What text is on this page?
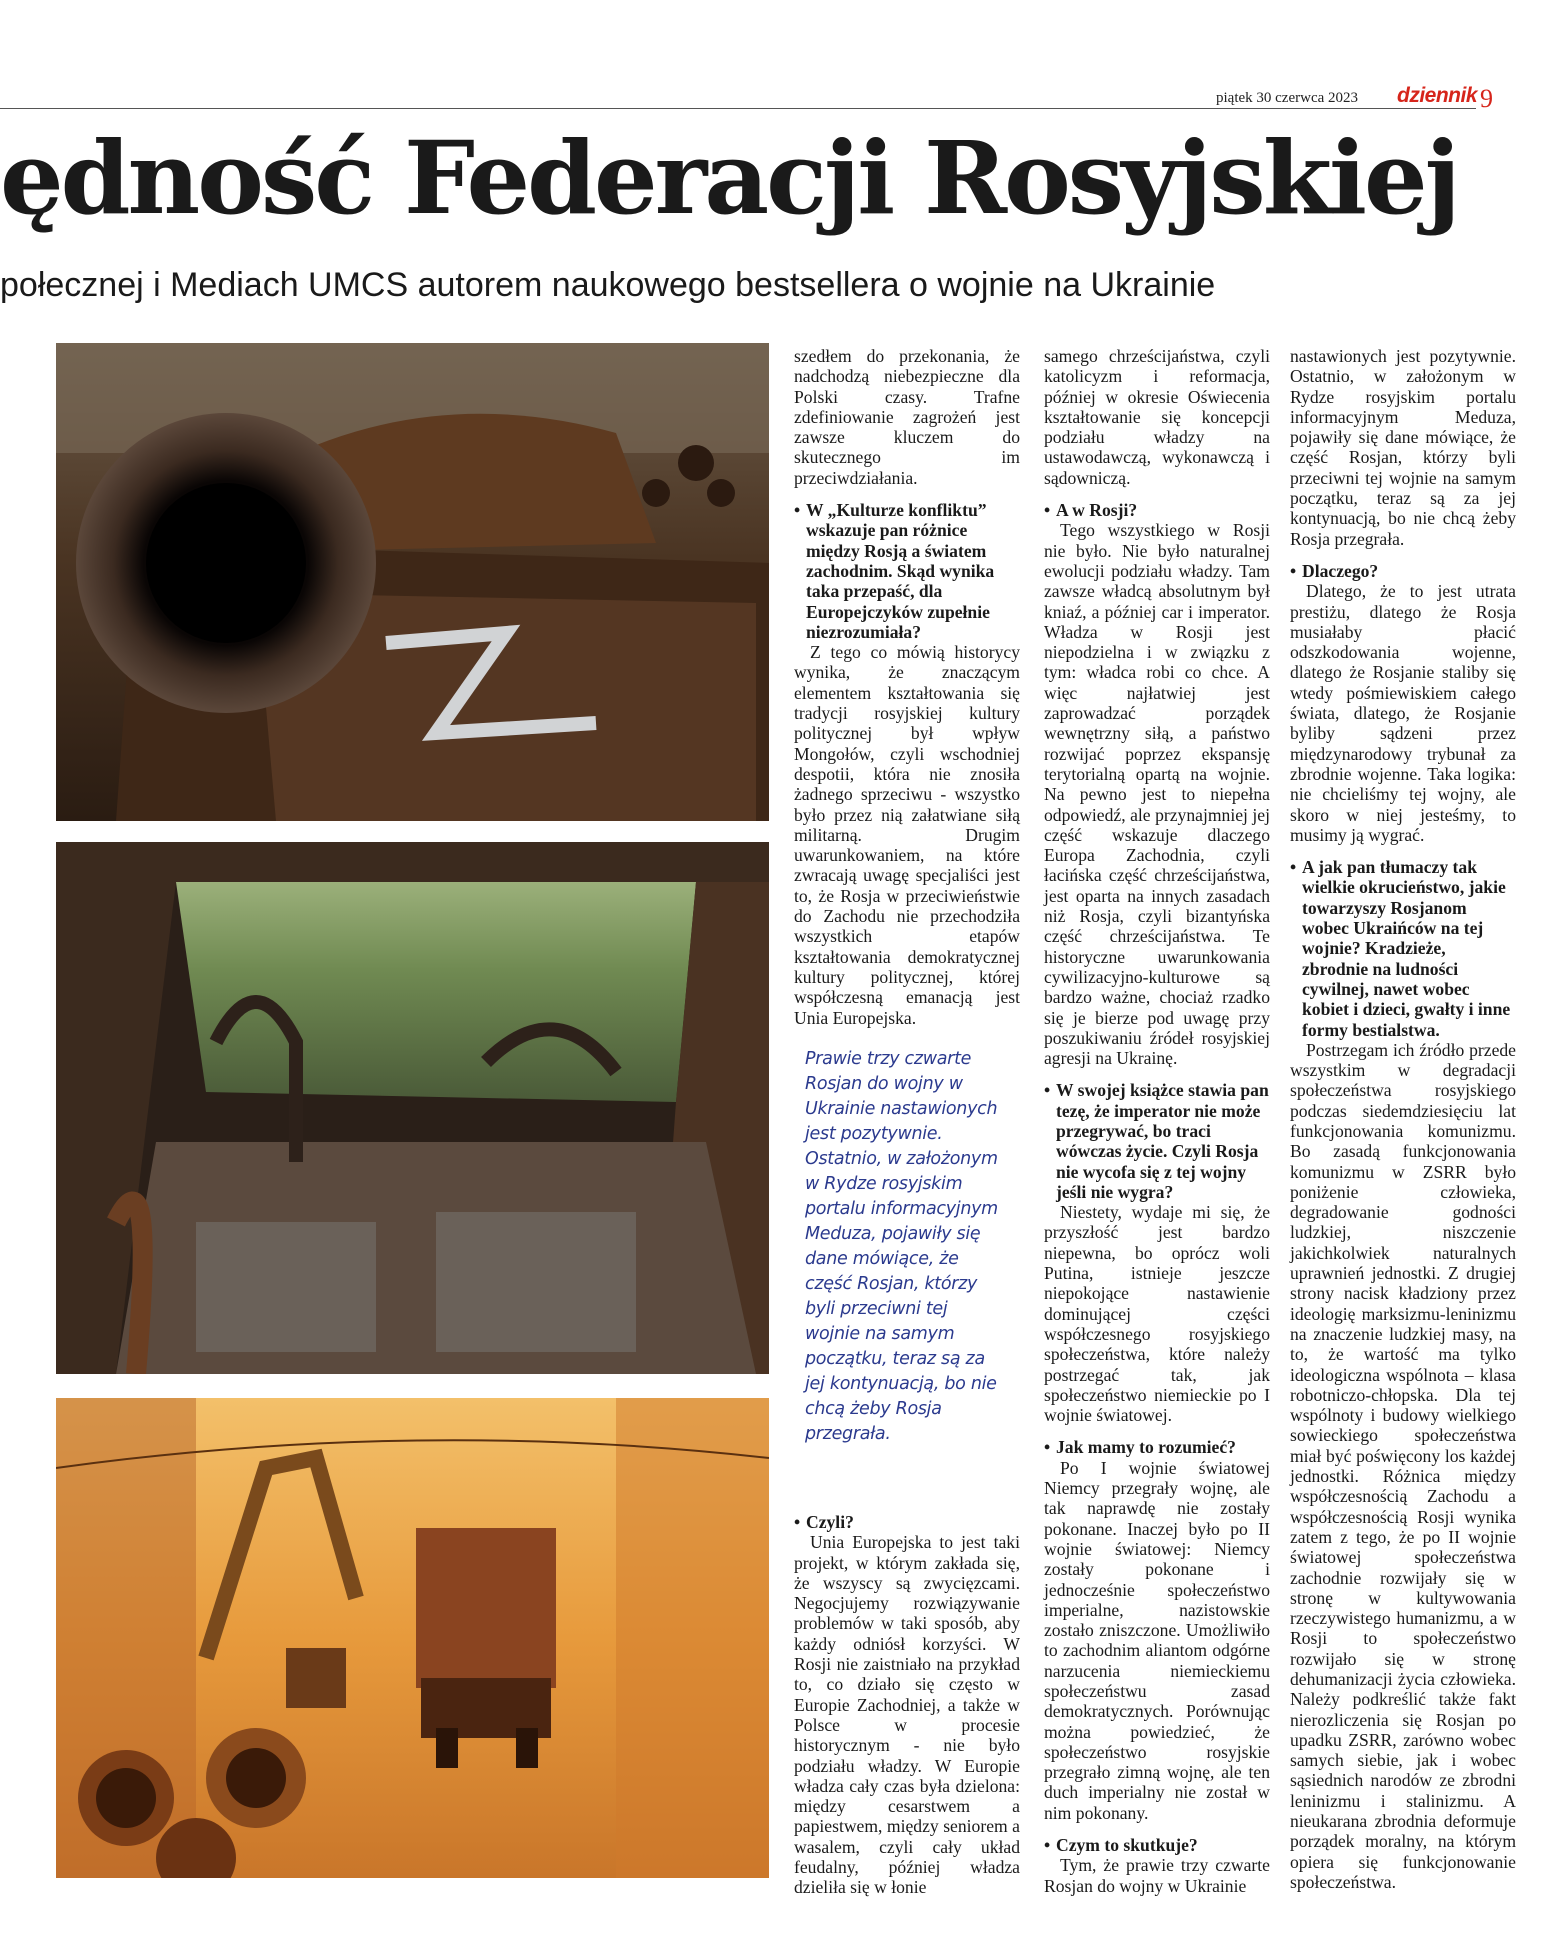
piątek 30 czerwca 2023 dziennik 9
ędność Federacji Rosyjskiej
połecznej i Mediach UMCS autorem naukowego bestsellera o wojnie na Ukrainie

szedłem do przekonania, że nadchodzą niebezpieczne dla Polski czasy. Trafne zdefiniowanie zagrożeń jest zawsze kluczem do skutecznego im przeciwdziałania.

• W „Kulturze konfliktu” wskazuje pan różnice między Rosją a światem zachodnim. Skąd wynika taka przepaść, dla Europejczyków zupełnie niezrozumiała?

Z tego co mówią historycy wynika, że znaczącym elementem kształtowania się tradycji rosyjskiej kultury politycznej był wpływ Mongołów, czyli wschodniej despotii, która nie znosiła żadnego sprzeciwu - wszystko było przez nią załatwiane siłą militarną. Drugim uwarunkowaniem, na które zwracają uwagę specjaliści jest to, że Rosja w przeciwieństwie do Zachodu nie przechodziła wszystkich etapów kształtowania demokratycznej kultury politycznej, której współczesną emanacją jest Unia Europejska.

Prawie trzy czwarte Rosjan do wojny w Ukrainie nastawionych jest pozytywnie. Ostatnio, w założonym w Rydze rosyjskim portalu informacyjnym Meduza, pojawiły się dane mówiące, że część Rosjan, którzy byli przeciwni tej wojnie na samym początku, teraz są za jej kontynuacją, bo nie chcą żeby Rosja przegrała.

• Czyli?

Unia Europejska to jest taki projekt, w którym zakłada się, że wszyscy są zwycięzcami. Negocjujemy rozwiązywanie problemów w taki sposób, aby każdy odniósł korzyści. W Rosji nie zaistniało na przykład to, co działo się często w Europie Zachodniej, a także w Polsce w procesie historycznym - nie było podziału władzy. W Europie władza cały czas była dzielona: między cesarstwem a papiestwem, między seniorem a wasalem, czyli cały układ feudalny, później władza dzieliła się w łonie

samego chrześcijaństwa, czyli katolicyzm i reformacja, później w okresie Oświecenia kształtowanie się koncepcji podziału władzy na ustawodawczą, wykonawczą i sądowniczą.

• A w Rosji?

Tego wszystkiego w Rosji nie było. Nie było naturalnej ewolucji podziału władzy. Tam zawsze władcą absolutnym był kniaź, a później car i imperator. Władza w Rosji jest niepodzielna i w związku z tym: władca robi co chce. A więc najłatwiej jest zaprowadzać porządek wewnętrzny siłą, a państwo rozwijać poprzez ekspansję terytorialną opartą na wojnie. Na pewno jest to niepełna odpowiedź, ale przynajmniej jej część wskazuje dlaczego Europa Zachodnia, czyli łacińska część chrześcijaństwa, jest oparta na innych zasadach niż Rosja, czyli bizantyńska część chrześcijaństwa. Te historyczne uwarunkowania cywilizacyjno-kulturowe są bardzo ważne, chociaż rzadko się je bierze pod uwagę przy poszukiwaniu źródeł rosyjskiej agresji na Ukrainę.

• W swojej książce stawia pan tezę, że imperator nie może przegrywać, bo traci wówczas życie. Czyli Rosja nie wycofa się z tej wojny jeśli nie wygra?

Niestety, wydaje mi się, że przyszłość jest bardzo niepewna, bo oprócz woli Putina, istnieje jeszcze niepokojące nastawienie dominującej części współczesnego rosyjskiego społeczeństwa, które należy postrzegać tak, jak społeczeństwo niemieckie po I wojnie światowej.

• Jak mamy to rozumieć?

Po I wojnie światowej Niemcy przegrały wojnę, ale tak naprawdę nie zostały pokonane. Inaczej było po II wojnie światowej: Niemcy zostały pokonane i jednocześnie społeczeństwo imperialne, nazistowskie zostało zniszczone. Umożliwiło to zachodnim aliantom odgórne narzucenia niemieckiemu społeczeństwu zasad demokratycznych. Porównując można powiedzieć, że społeczeństwo rosyjskie przegrało zimną wojnę, ale ten duch imperialny nie został w nim pokonany.

• Czym to skutkuje?

Tym, że prawie trzy czwarte Rosjan do wojny w Ukrainie

nastawionych jest pozytywnie. Ostatnio, w założonym w Rydze rosyjskim portalu informacyjnym Meduza, pojawiły się dane mówiące, że część Rosjan, którzy byli przeciwni tej wojnie na samym początku, teraz są za jej kontynuacją, bo nie chcą żeby Rosja przegrała.

• Dlaczego?

Dlatego, że to jest utrata prestiżu, dlatego że Rosja musiałaby płacić odszkodowania wojenne, dlatego że Rosjanie staliby się wtedy pośmiewiskiem całego świata, dlatego, że Rosjanie byliby sądzeni przez międzynarodowy trybunał za zbrodnie wojenne. Taka logika: nie chcieliśmy tej wojny, ale skoro w niej jesteśmy, to musimy ją wygrać.

• A jak pan tłumaczy tak wielkie okrucieństwo, jakie towarzyszy Rosjanom wobec Ukraińców na tej wojnie? Kradzieże, zbrodnie na ludności cywilnej, nawet wobec kobiet i dzieci, gwałty i inne formy bestialstwa.

Postrzegam ich źródło przede wszystkim w degradacji społeczeństwa rosyjskiego podczas siedemdziesięciu lat funkcjonowania komunizmu. Bo zasadą funkcjonowania komunizmu w ZSRR było poniżenie człowieka, degradowanie godności ludzkiej, niszczenie jakichkolwiek naturalnych uprawnień jednostki. Z drugiej strony nacisk kładziony przez ideologię marksizmu-leninizmu na znaczenie ludzkiej masy, na to, że wartość ma tylko ideologiczna wspólnota – klasa robotniczo-chłopska. Dla tej wspólnoty i budowy wielkiego sowieckiego społeczeństwa miał być poświęcony los każdej jednostki. Różnica między współczesnością Zachodu a współczesnością Rosji wynika zatem z tego, że po II wojnie światowej społeczeństwa zachodnie rozwijały się w stronę w kultywowania rzeczywistego humanizmu, a w Rosji to społeczeństwo rozwijało się w stronę dehumanizacji życia człowieka. Należy podkreślić także fakt nierozliczenia się Rosjan po upadku ZSRR, zarówno wobec samych siebie, jak i wobec sąsiednich narodów ze zbrodni leninizmu i stalinizmu. A nieukarana zbrodnia deformuje porządek moralny, na którym opiera się funkcjonowanie społeczeństwa.
